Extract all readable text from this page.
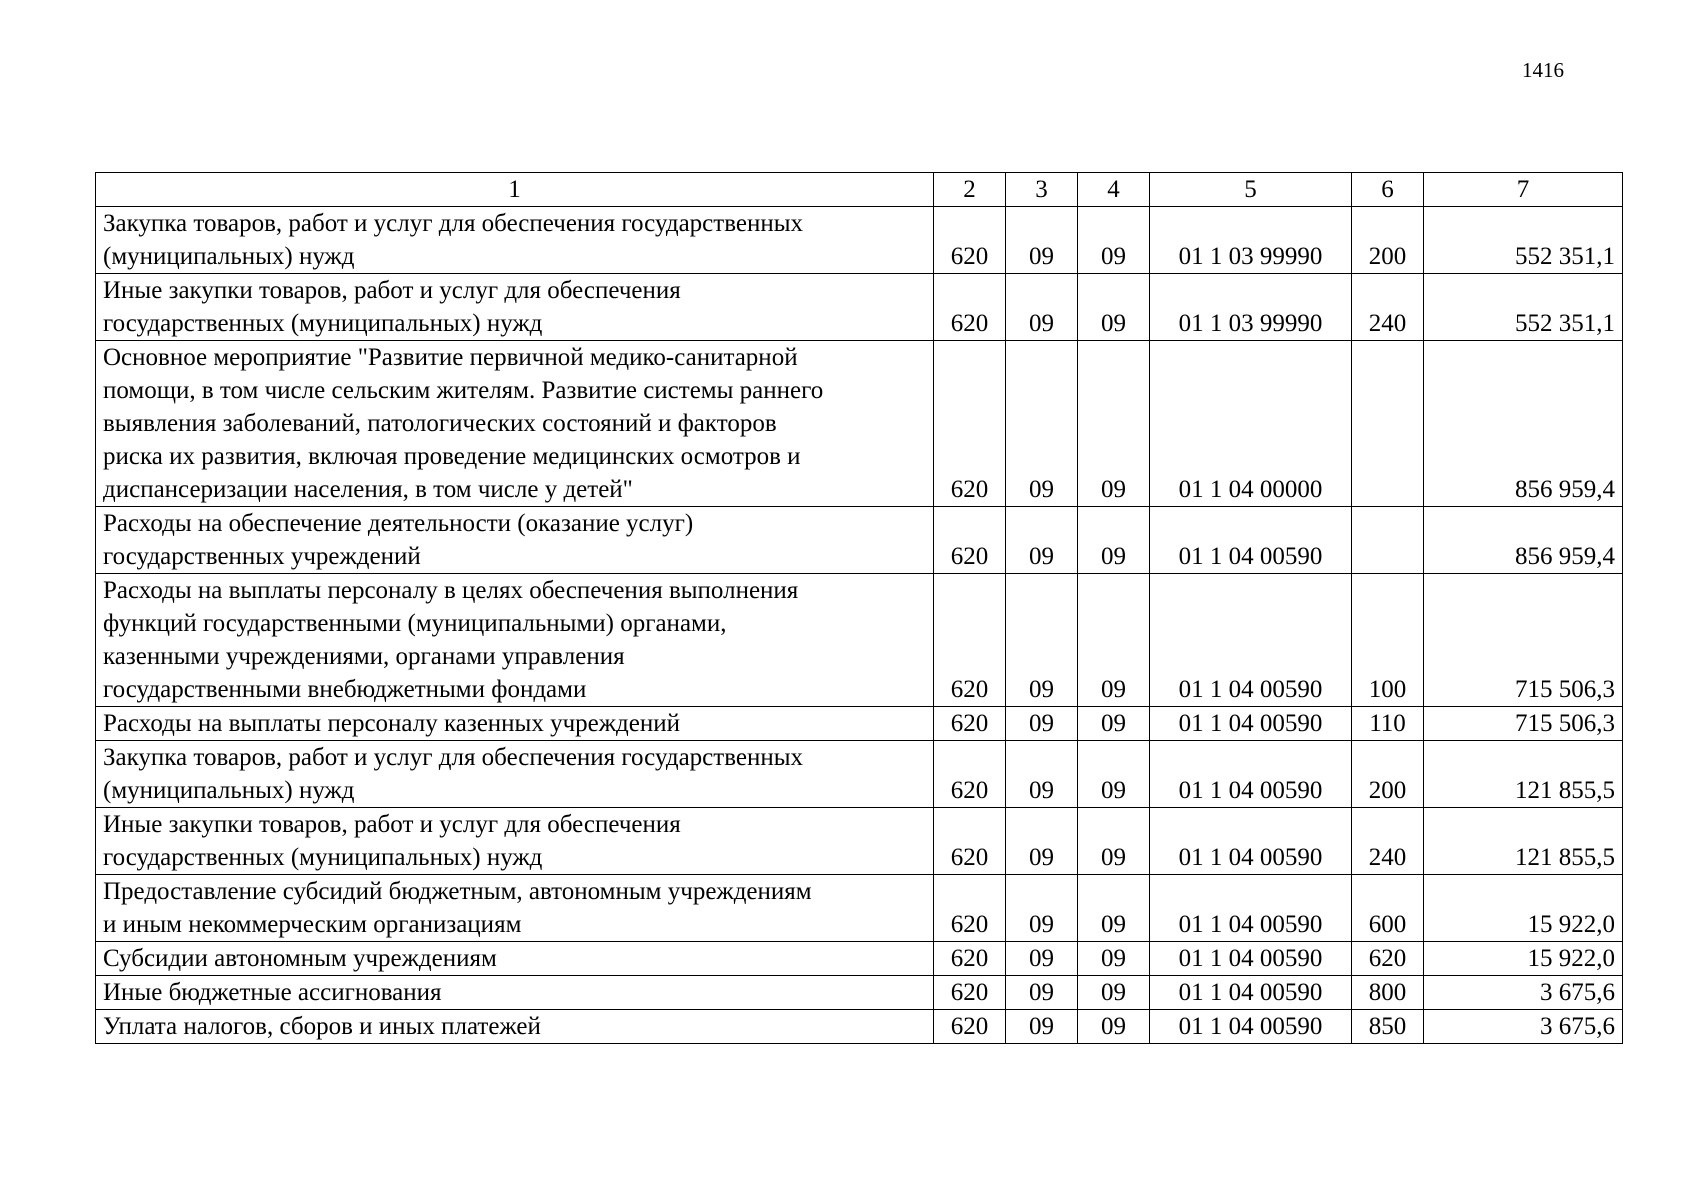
1416
1	2	3	4	5	6	7
Закупка товаров, работ и услуг для обеспечения государственных
(муниципальных) нужд	620	09	09	01 1 03 99990	200	552 351,1
Иные закупки товаров, работ и услуг для обеспечения
государственных (муниципальных) нужд	620	09	09	01 1 03 99990	240	552 351,1
Основное мероприятие "Развитие первичной медико-санитарной
помощи, в том числе сельским жителям. Развитие системы раннего
выявления заболеваний, патологических состояний и факторов
риска их развития, включая проведение медицинских осмотров и
диспансеризации населения, в том числе у детей"	620	09	09	01 1 04 00000		856 959,4
Расходы на обеспечение деятельности (оказание услуг)
государственных учреждений	620	09	09	01 1 04 00590		856 959,4
Расходы на выплаты персоналу в целях обеспечения выполнения
функций государственными (муниципальными) органами,
казенными учреждениями, органами управления
государственными внебюджетными фондами	620	09	09	01 1 04 00590	100	715 506,3
Расходы на выплаты персоналу казенных учреждений	620	09	09	01 1 04 00590	110	715 506,3
Закупка товаров, работ и услуг для обеспечения государственных
(муниципальных) нужд	620	09	09	01 1 04 00590	200	121 855,5
Иные закупки товаров, работ и услуг для обеспечения
государственных (муниципальных) нужд	620	09	09	01 1 04 00590	240	121 855,5
Предоставление субсидий бюджетным, автономным учреждениям
и иным некоммерческим организациям	620	09	09	01 1 04 00590	600	15 922,0
Субсидии автономным учреждениям	620	09	09	01 1 04 00590	620	15 922,0
Иные бюджетные ассигнования	620	09	09	01 1 04 00590	800	3 675,6
Уплата налогов, сборов и иных платежей	620	09	09	01 1 04 00590	850	3 675,6
